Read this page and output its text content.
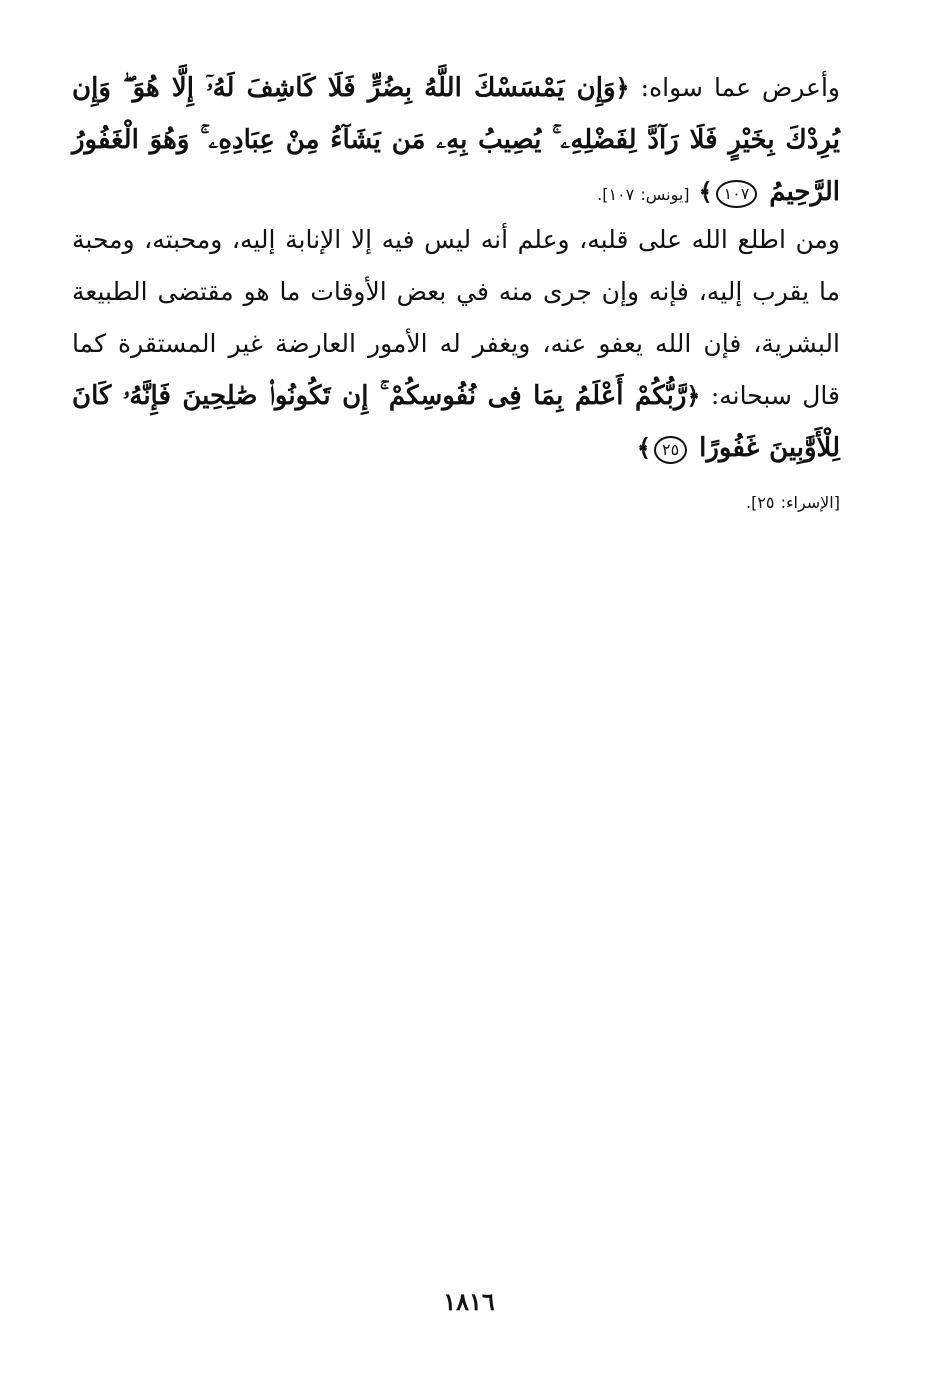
وأعرض عما سواه: ﴿وَإِن يَمْسَسْكَ اللَّهُ بِضُرٍّ فَلَا كَاشِفَ لَهُۥٓ إِلَّا هُوَ ۖ وَإِن يُرِدْكَ بِخَيْرٍ فَلَا رَآدَّ لِفَضْلِهِۦ ۚ يُصِيبُ بِهِۦ مَن يَشَآءُ مِنْ عِبَادِهِۦ ۚ وَهُوَ الْغَفُورُ الرَّحِيمُ ١٠٧﴾ [يونس: ١٠٧].
ومن اطلع الله على قلبه، وعلم أنه ليس فيه إلا الإنابة إليه، ومحبته، ومحبة ما يقرب إليه، فإنه وإن جرى منه في بعض الأوقات ما هو مقتضى الطبيعة البشرية، فإن الله يعفو عنه، ويغفر له الأمور العارضة غير المستقرة كما قال سبحانه: ﴿رَّبُّكُمْ أَعْلَمُ بِمَا فِى نُفُوسِكُمْ ۚ إِن تَكُونُوا۟ صَٰلِحِينَ فَإِنَّهُۥ كَانَ لِلْأَوَّٰبِينَ غَفُورًا ٢٥﴾
[الإسراء: ٢٥].
١٨١٦
